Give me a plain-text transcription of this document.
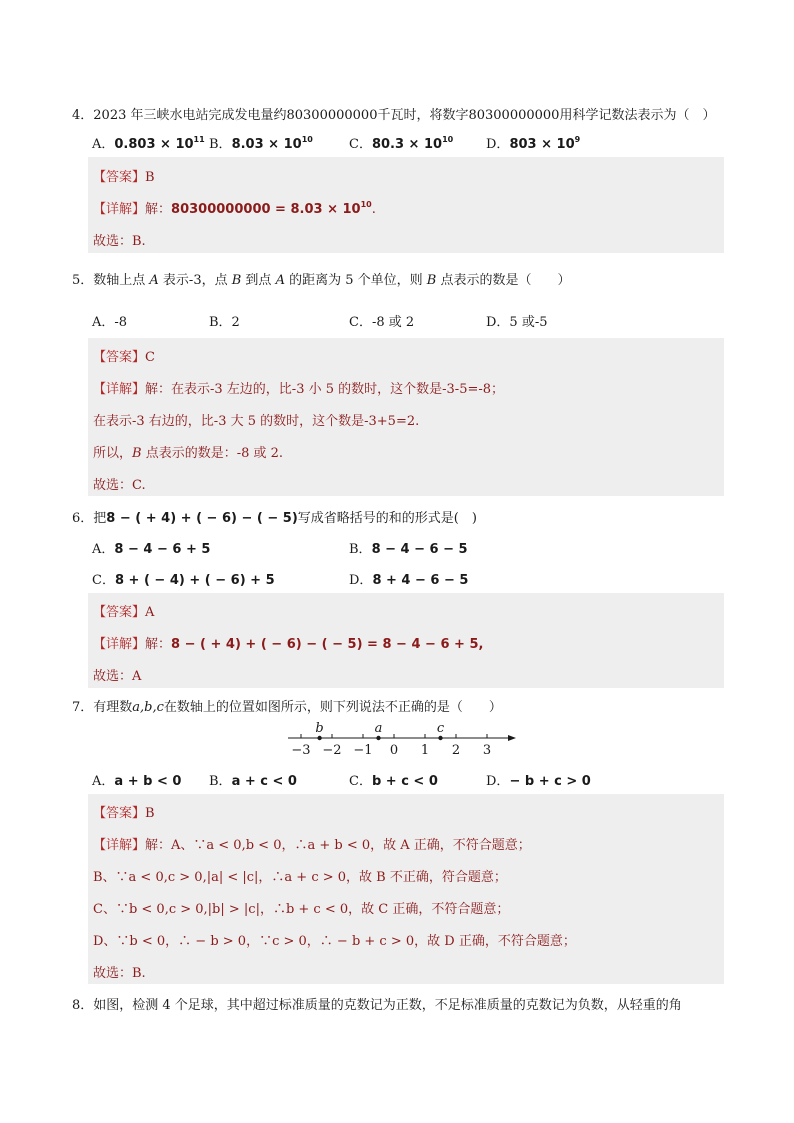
4．2023 年三峡水电站完成发电量约80300000000千瓦时，将数字80300000000用科学记数法表示为（　）
A．$0.803 \times 10^{11}$ B．$8.03 \times 10^{10}$	C．$80.3 \times 10^{10}$	D．$803 \times 10^9$
【答案】B
【详解】解：$80300000000 = 8.03 \times 10^{10}$.
故选：B.
5．数轴上点 A 表示-3，点 B 到点 A 的距离为 5 个单位，则 B 点表示的数是（　　）
A．-8	B．2	C．-8 或 2	D．5 或-5
【答案】C
【详解】解：在表示-3 左边的，比-3 小 5 的数时，这个数是-3-5=-8；
在表示-3 右边的，比-3 大 5 的数时，这个数是-3+5=2.
所以，B 点表示的数是：-8 或 2.
故选：C.
6．把8 − ( + 4) + ( − 6) − ( − 5)写成省略括号的和的形式是(　)
A．8 − 4 − 6 + 5	B．8 − 4 − 6 − 5
C．8 + ( − 4) + ( − 6) + 5	D．8 + 4 − 6 − 5
【答案】A
【详解】解：8 − ( + 4) + ( − 6) − ( − 5) = 8 − 4 − 6 + 5,
故选：A
7．有理数a,b,c在数轴上的位置如图所示，则下列说法不正确的是（　　）
−3 −2 −1 0 1 2 3
b	a	c
A．a + b < 0 B．a + c < 0	C．b + c < 0	D．− b + c > 0
【答案】B
【详解】解：A、∵a < 0,b < 0，∴a + b < 0，故 A 正确，不符合题意；
B、∵a < 0,c > 0,|a| < |c|，∴a + c > 0，故 B 不正确，符合题意；
C、∵b < 0,c > 0,|b| > |c|，∴b + c < 0，故 C 正确，不符合题意；
D、∵b < 0，∴ − b > 0，∵c > 0，∴ − b + c > 0，故 D 正确，不符合题意；
故选：B.
8．如图，检测 4 个足球，其中超过标准质量的克数记为正数，不足标准质量的克数记为负数，从轻重的角
